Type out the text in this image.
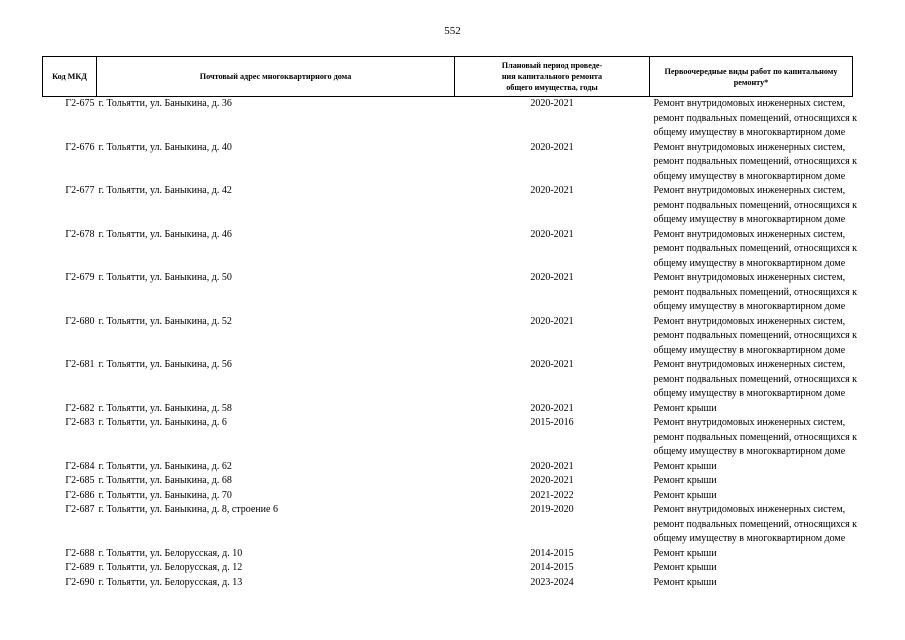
552
Код МКД	Почтовый адрес многоквартирного дома	Плановый период проведе-
ния капитального ремонта
общего имущества, годы	Первоочередные виды работ по капитальному
ремонту*

Г2-675	г. Тольятти, ул. Баныкина, д. 36	2020-2021	Ремонт внутридомовых инженерных систем,
ремонт подвальных помещений, относящихся к
общему имуществу в многоквартирном доме

Г2-676	г. Тольятти, ул. Баныкина, д. 40	2020-2021	Ремонт внутридомовых инженерных систем,
ремонт подвальных помещений, относящихся к
общему имуществу в многоквартирном доме

Г2-677	г. Тольятти, ул. Баныкина, д. 42	2020-2021	Ремонт внутридомовых инженерных систем,
ремонт подвальных помещений, относящихся к
общему имуществу в многоквартирном доме

Г2-678	г. Тольятти, ул. Баныкина, д. 46	2020-2021	Ремонт внутридомовых инженерных систем,
ремонт подвальных помещений, относящихся к
общему имуществу в многоквартирном доме

Г2-679	г. Тольятти, ул. Баныкина, д. 50	2020-2021	Ремонт внутридомовых инженерных систем,
ремонт подвальных помещений, относящихся к
общему имуществу в многоквартирном доме

Г2-680	г. Тольятти, ул. Баныкина, д. 52	2020-2021	Ремонт внутридомовых инженерных систем,
ремонт подвальных помещений, относящихся к
общему имуществу в многоквартирном доме

Г2-681	г. Тольятти, ул. Баныкина, д. 56	2020-2021	Ремонт внутридомовых инженерных систем,
ремонт подвальных помещений, относящихся к
общему имуществу в многоквартирном доме

Г2-682	г. Тольятти, ул. Баныкина, д. 58	2020-2021	Ремонт крыши

Г2-683	г. Тольятти, ул. Баныкина, д. 6	2015-2016	Ремонт внутридомовых инженерных систем,
ремонт подвальных помещений, относящихся к
общему имуществу в многоквартирном доме

Г2-684	г. Тольятти, ул. Баныкина, д. 62	2020-2021	Ремонт крыши

Г2-685	г. Тольятти, ул. Баныкина, д. 68	2020-2021	Ремонт крыши

Г2-686	г. Тольятти, ул. Баныкина, д. 70	2021-2022	Ремонт крыши

Г2-687	г. Тольятти, ул. Баныкина, д. 8, строение 6	2019-2020	Ремонт внутридомовых инженерных систем,
ремонт подвальных помещений, относящихся к
общему имуществу в многоквартирном доме

Г2-688	г. Тольятти, ул. Белорусская, д. 10	2014-2015	Ремонт крыши

Г2-689	г. Тольятти, ул. Белорусская, д. 12	2014-2015	Ремонт крыши

Г2-690	г. Тольятти, ул. Белорусская, д. 13	2023-2024	Ремонт крыши
